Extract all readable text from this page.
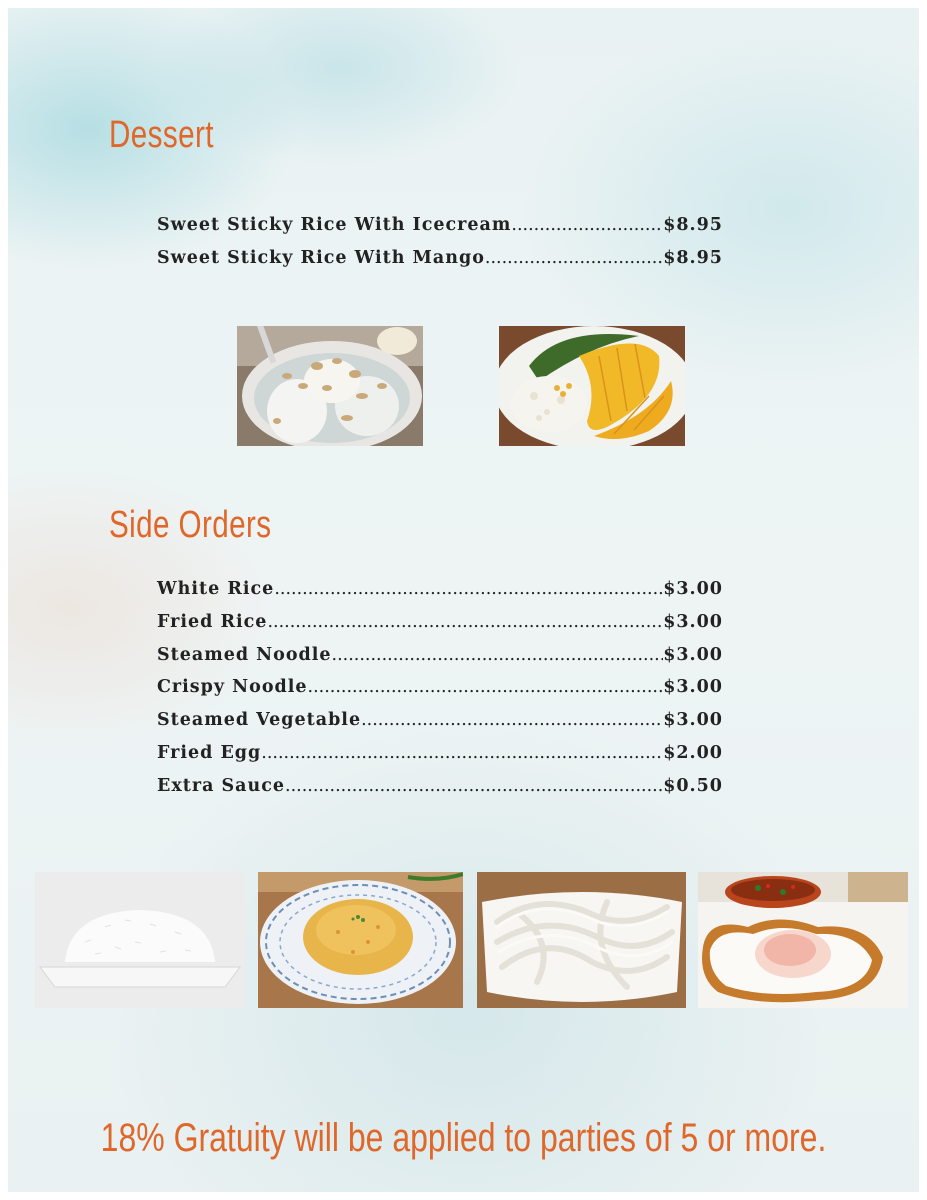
Dessert
Sweet Sticky Rice With Icecream .....	$8.95
Sweet Sticky Rice With Mango .....	$8.95
Side Orders
White Rice .....	$3.00
Fried Rice .....	$3.00
Steamed Noodle .....	$3.00
Crispy Noodle .....	$3.00
Steamed Vegetable .....	$3.00
Fried Egg .....	$2.00
Extra Sauce .....	$0.50

18% Gratuity will be applied to parties of 5 or more.
